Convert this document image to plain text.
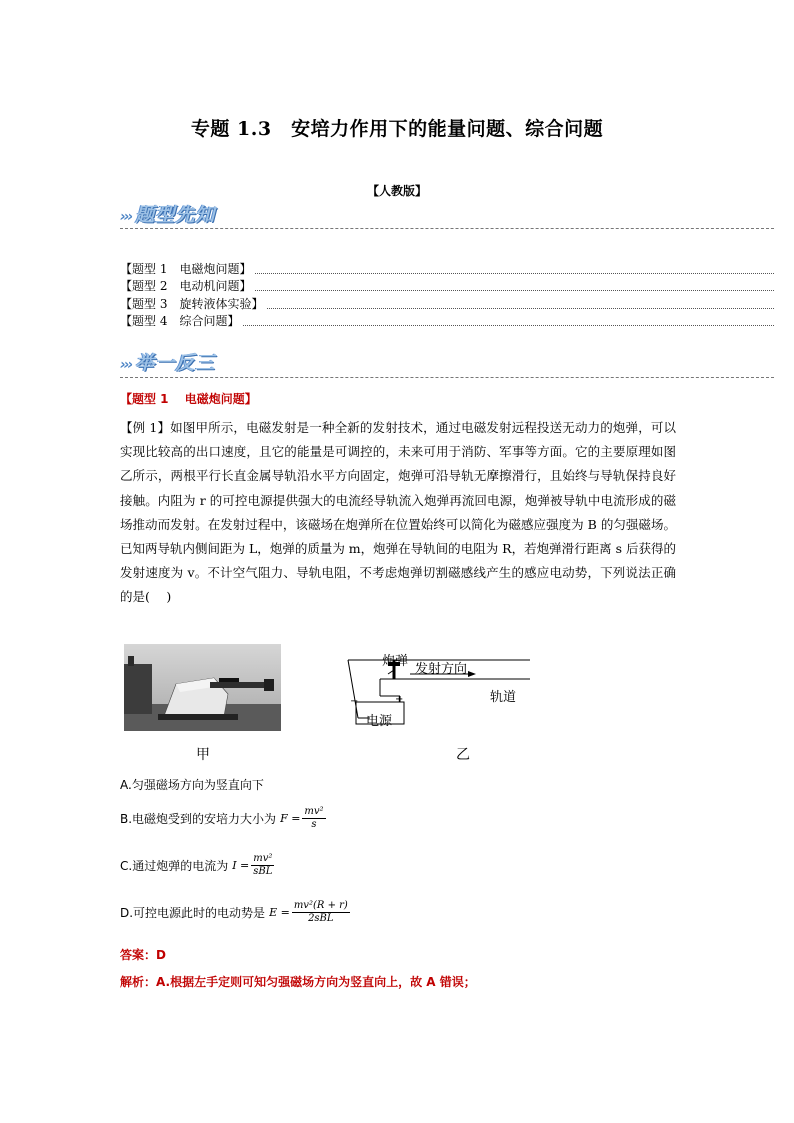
专题 1.3　安培力作用下的能量问题、综合问题
【人教版】
››› 题型先知
【题型 1　电磁炮问题】
【题型 2　电动机问题】
【题型 3　旋转液体实验】
【题型 4　综合问题】
››› 举一反三
【题型 1　 电磁炮问题】
【例 1】如图甲所示，电磁发射是一种全新的发射技术，通过电磁发射远程投送无动力的炮弹，可以实现比较高的出口速度，且它的能量是可调控的，未来可用于消防、军事等方面。它的主要原理如图乙所示，两根平行长直金属导轨沿水平方向固定，炮弹可沿导轨无摩擦滑行，且始终与导轨保持良好接触。内阻为 r 的可控电源提供强大的电流经导轨流入炮弹再流回电源，炮弹被导轨中电流形成的磁场推动而发射。在发射过程中，该磁场在炮弹所在位置始终可以简化为磁感应强度为 B 的匀强磁场。已知两导轨内侧间距为 L，炮弹的质量为 m，炮弹在导轨间的电阻为 R，若炮弹滑行距离 s 后获得的发射速度为 v。不计空气阻力、导轨电阻，不考虑炮弹切割磁感线产生的感应电动势，下列说法正确的是(　 )
甲
炮弹
发射方向
轨道
电源
−	+
乙
A.匀强磁场方向为竖直向下
B.电磁炮受到的安培力大小为 $F = \frac{\text{mv²}}{s}$
C.通过炮弹的电流为 $I = \frac{\text{mv²}}{\text{sBL}}$
D.可控电源此时的电动势是 $E = \frac{\text{mv²(R + r)}}{\text{2sBL}}$
答案：D
解析：A.根据左手定则可知匀强磁场方向为竖直向上，故 A 错误；
